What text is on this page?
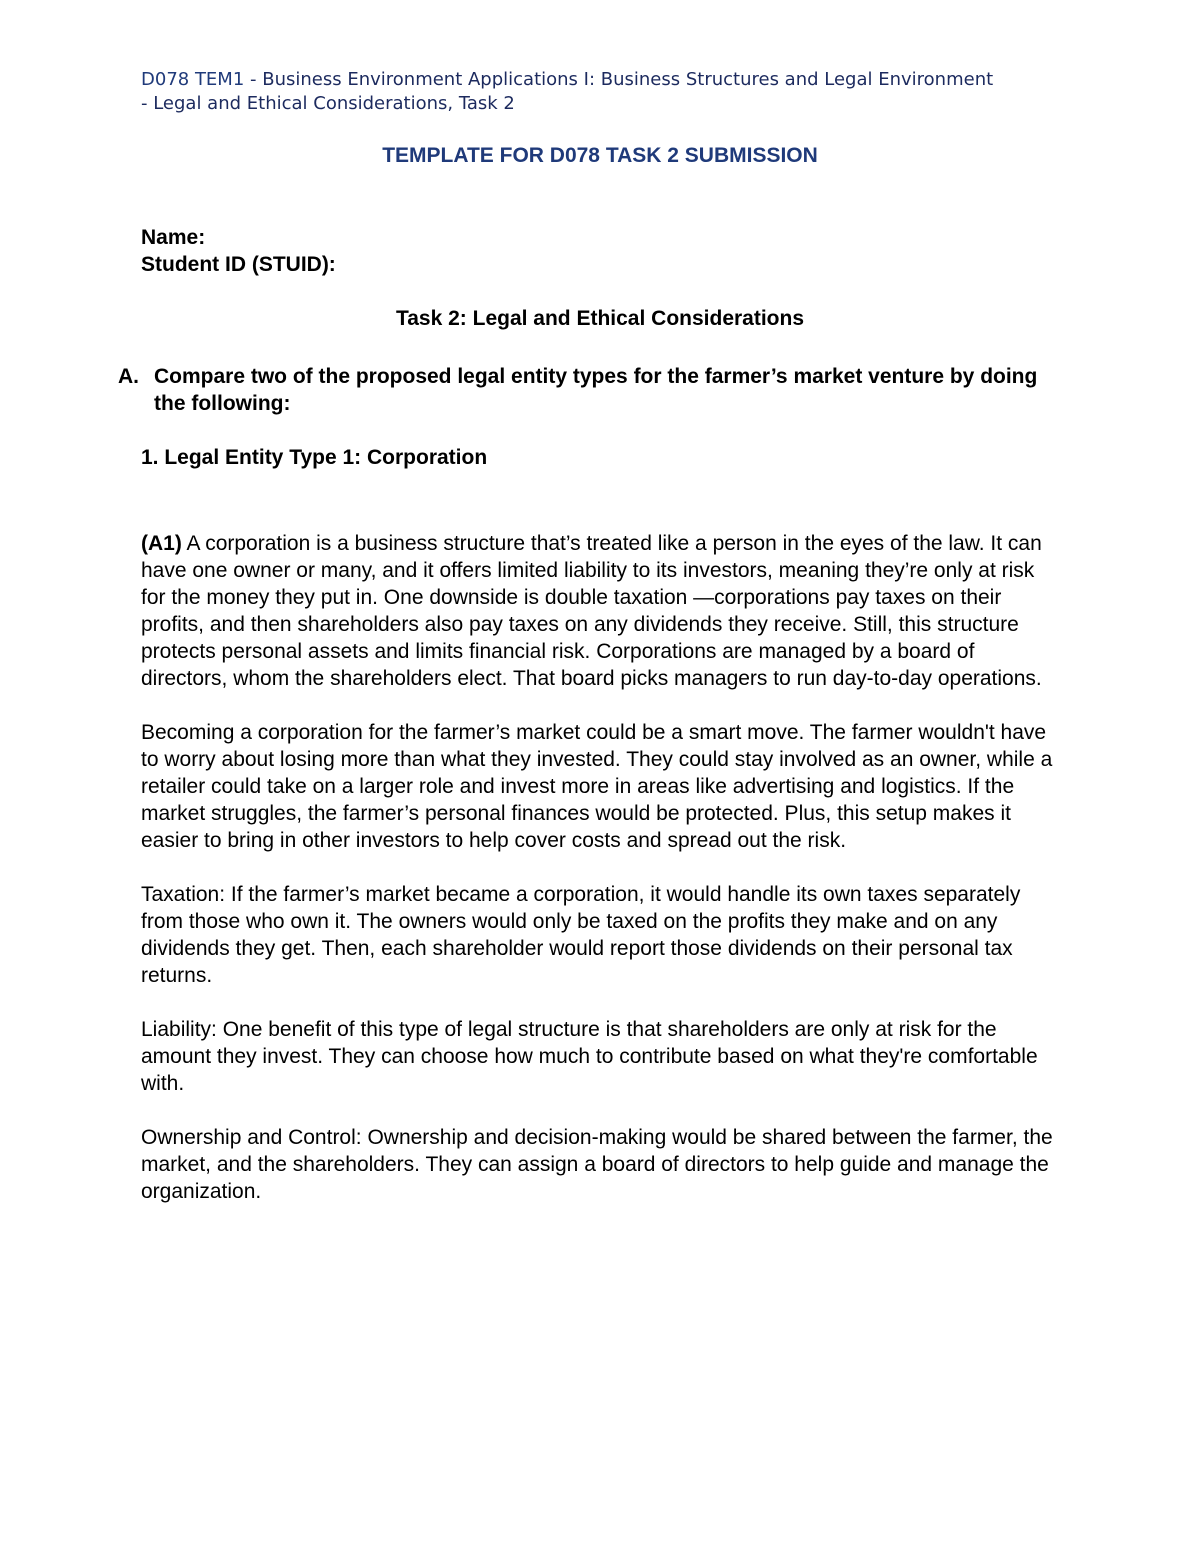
D078 TEM1 - Business Environment Applications I: Business Structures and Legal Environment - Legal and Ethical Considerations, Task 2
TEMPLATE FOR D078 TASK 2 SUBMISSION
Name:
Student ID (STUID):
Task 2: Legal and Ethical Considerations
A. Compare two of the proposed legal entity types for the farmer’s market venture by doing the following:
1. Legal Entity Type 1: Corporation

(A1) A corporation is a business structure that’s treated like a person in the eyes of the law. It can have one owner or many, and it offers limited liability to its investors, meaning they’re only at risk for the money they put in. One downside is double taxation —corporations pay taxes on their profits, and then shareholders also pay taxes on any dividends they receive. Still, this structure protects personal assets and limits financial risk. Corporations are managed by a board of directors, whom the shareholders elect. That board picks managers to run day-to-day operations.

Becoming a corporation for the farmer’s market could be a smart move. The farmer wouldn't have to worry about losing more than what they invested. They could stay involved as an owner, while a retailer could take on a larger role and invest more in areas like advertising and logistics. If the market struggles, the farmer’s personal finances would be protected. Plus, this setup makes it easier to bring in other investors to help cover costs and spread out the risk.

Taxation: If the farmer’s market became a corporation, it would handle its own taxes separately from those who own it. The owners would only be taxed on the profits they make and on any dividends they get. Then, each shareholder would report those dividends on their personal tax returns.

Liability: One benefit of this type of legal structure is that shareholders are only at risk for the amount they invest. They can choose how much to contribute based on what they're comfortable with.

Ownership and Control: Ownership and decision-making would be shared between the farmer, the market, and the shareholders. They can assign a board of directors to help guide and manage the organization.
